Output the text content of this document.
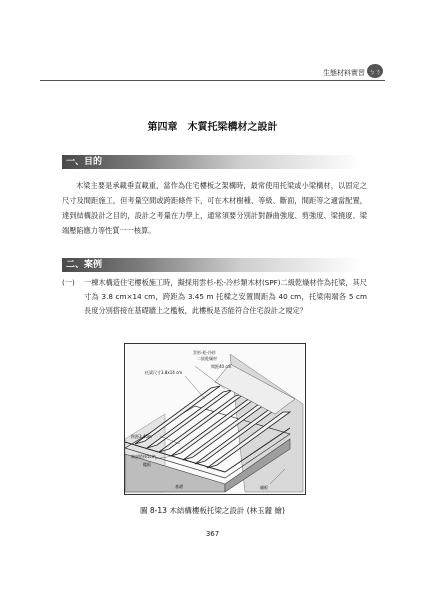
生態材料實習 ㄅㄋ
第四章　木質托梁構材之設計
一、目的
木梁主要是承載垂直載重，當作為住宅樓板之架構時，最常使用托梁或小梁構材，以固定之尺寸及間距施工，但考量空間或跨距條件下，可在木材樹種、等級、斷面，間距等之適當配置，達到結構設計之目的，設計之考量在力學上，通常須要分別計對靜曲強度、剪強度、梁撓度、梁端壓陷應力等性質一一核算。
二、案例
(一) 一棟木構造住宅樓板施工時，擬採用雲杉-松-冷杉類木材(SPF)二級乾燥材作為托梁，其尺寸為 3.8 cm×14 cm，跨距為 3.45 m 托樑之安置間距為 40 cm，托梁兩端各 5 cm 長度分別搭接在基礎牆上之檻板，此樓板是否能符合住宅設計之規定？
雲杉-松-冷杉
二級乾燥材
間距40 cm
托梁尺寸3.8x14 cm
跨距3.45m
端部搭接5cm
檻板
基礎	襯板
圖 8-13 木結構樓板托梁之設計 (林玉麗 繪)
367
